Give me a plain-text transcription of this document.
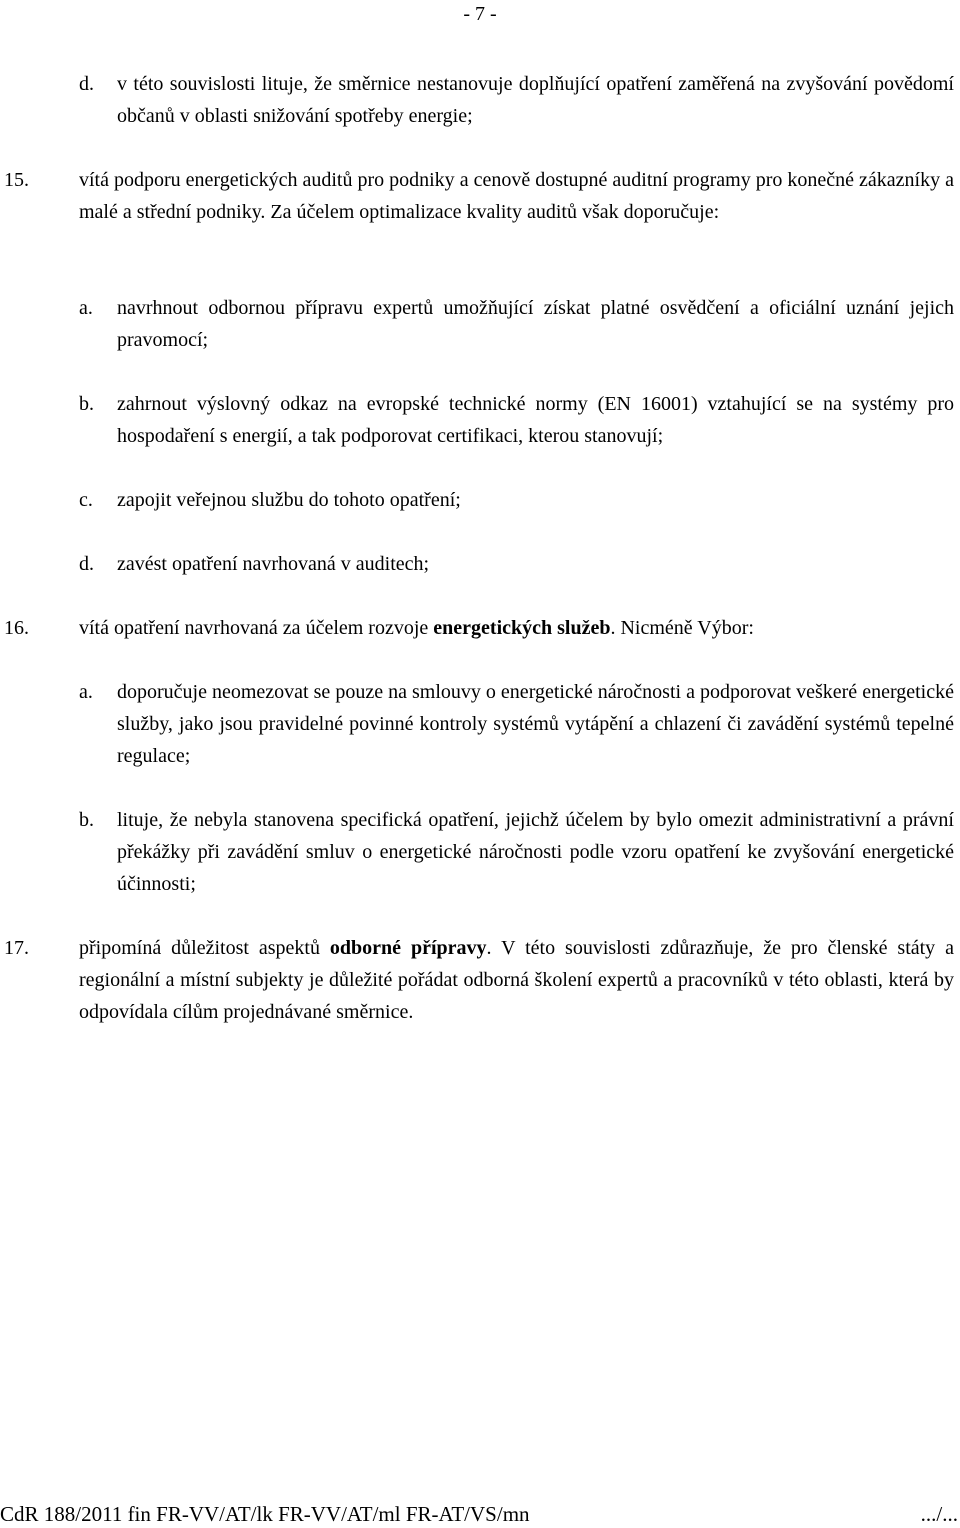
- 7 -
d. v této souvislosti lituje, že směrnice nestanovuje doplňující opatření zaměřená na zvyšování povědomí občanů v oblasti snižování spotřeby energie;
15.	vítá podporu energetických auditů pro podniky a cenově dostupné auditní programy pro konečné zákazníky a malé a střední podniky. Za účelem optimalizace kvality auditů však doporučuje:
a. navrhnout odbornou přípravu expertů umožňující získat platné osvědčení a oficiální uznání jejich pravomocí;
b. zahrnout výslovný odkaz na evropské technické normy (EN 16001) vztahující se na systémy pro hospodaření s energií, a tak podporovat certifikaci, kterou stanovují;
c. zapojit veřejnou službu do tohoto opatření;
d. zavést opatření navrhovaná v auditech;
16.	vítá opatření navrhovaná za účelem rozvoje energetických služeb. Nicméně Výbor:
a. doporučuje neomezovat se pouze na smlouvy o energetické náročnosti a podporovat veškeré energetické služby, jako jsou pravidelné povinné kontroly systémů vytápění a chlazení či zavádění systémů tepelné regulace;
b. lituje, že nebyla stanovena specifická opatření, jejichž účelem by bylo omezit administrativní a právní překážky při zavádění smluv o energetické náročnosti podle vzoru opatření ke zvyšování energetické účinnosti;
17.	připomíná důležitost aspektů odborné přípravy. V této souvislosti zdůrazňuje, že pro členské státy a regionální a místní subjekty je důležité pořádat odborná školení expertů a pracovníků v této oblasti, která by odpovídala cílům projednávané směrnice.
CdR 188/2011 fin FR-VV/AT/lk FR-VV/AT/ml FR-AT/VS/mn	.../...
